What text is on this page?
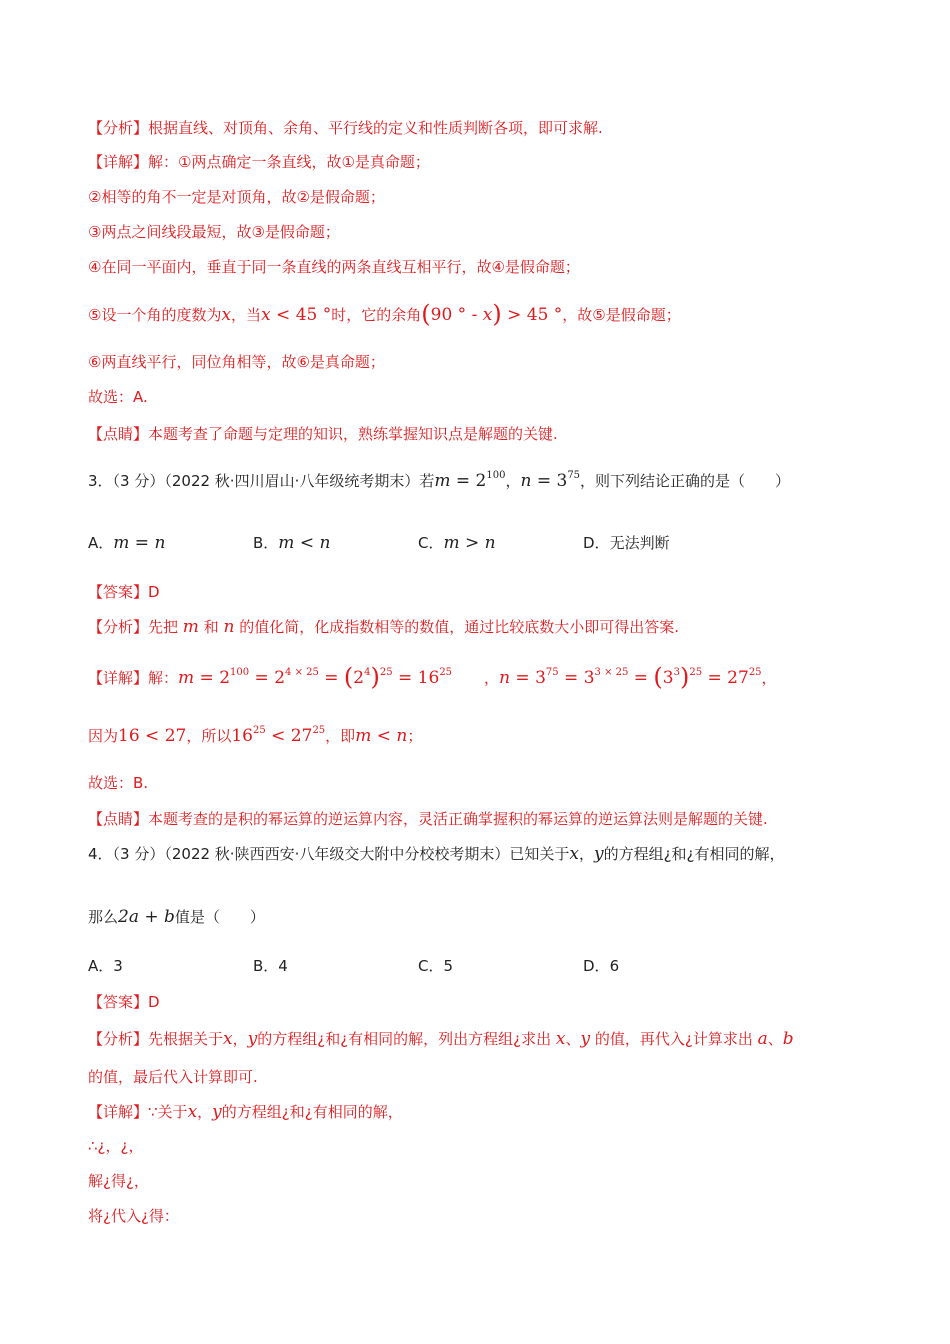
【分析】根据直线、对顶角、余角、平行线的定义和性质判断各项，即可求解.
【详解】解：①两点确定一条直线，故①是真命题；
②相等的角不一定是对顶角，故②是假命题；
③两点之间线段最短，故③是假命题；
④在同一平面内，垂直于同一条直线的两条直线互相平行，故④是假命题；
⑤设一个角的度数为x，当x < 45 °时，它的余角(90 ° - x) > 45 °，故⑤是假命题；
⑥两直线平行，同位角相等，故⑥是真命题；
故选：A.
【点睛】本题考查了命题与定理的知识，熟练掌握知识点是解题的关键.
3．（3 分）（2022 秋·四川眉山·八年级统考期末）若$m = 2^{100}$，$n = 3^{75}$，则下列结论正确的是（　　）
A．m = n	B．m < n	C．m > n	D．无法判断
【答案】D
【分析】先把 m 和 n 的值化简，化成指数相等的数值，通过比较底数大小即可得出答案.
【详解】解：$m = 2^{100} = 2^{4 \times 25} = (2^4)^{25} = 16^{25}$ ，$n = 3^{75} = 3^{3 \times 25} = (3^3)^{25} = 27^{25}$，
因为16 < 27，所以$16^{25} < 27^{25}$，即m < n；
故选：B.
【点睛】本题考查的是积的幂运算的逆运算内容，灵活正确掌握积的幂运算的逆运算法则是解题的关键.
4．（3 分）（2022 秋·陕西西安·八年级交大附中分校校考期末）已知关于x，y的方程组¿和¿有相同的解，
那么2a + b值是（　　）
A．3	B．4	C．5	D．6
【答案】D
【分析】先根据关于x，y的方程组¿和¿有相同的解，列出方程组¿求出 x、y 的值，再代入¿计算求出 a、b
的值，最后代入计算即可.
【详解】∵关于x，y的方程组¿和¿有相同的解，
∴¿，¿，
解¿得¿，
将¿代入¿得：
